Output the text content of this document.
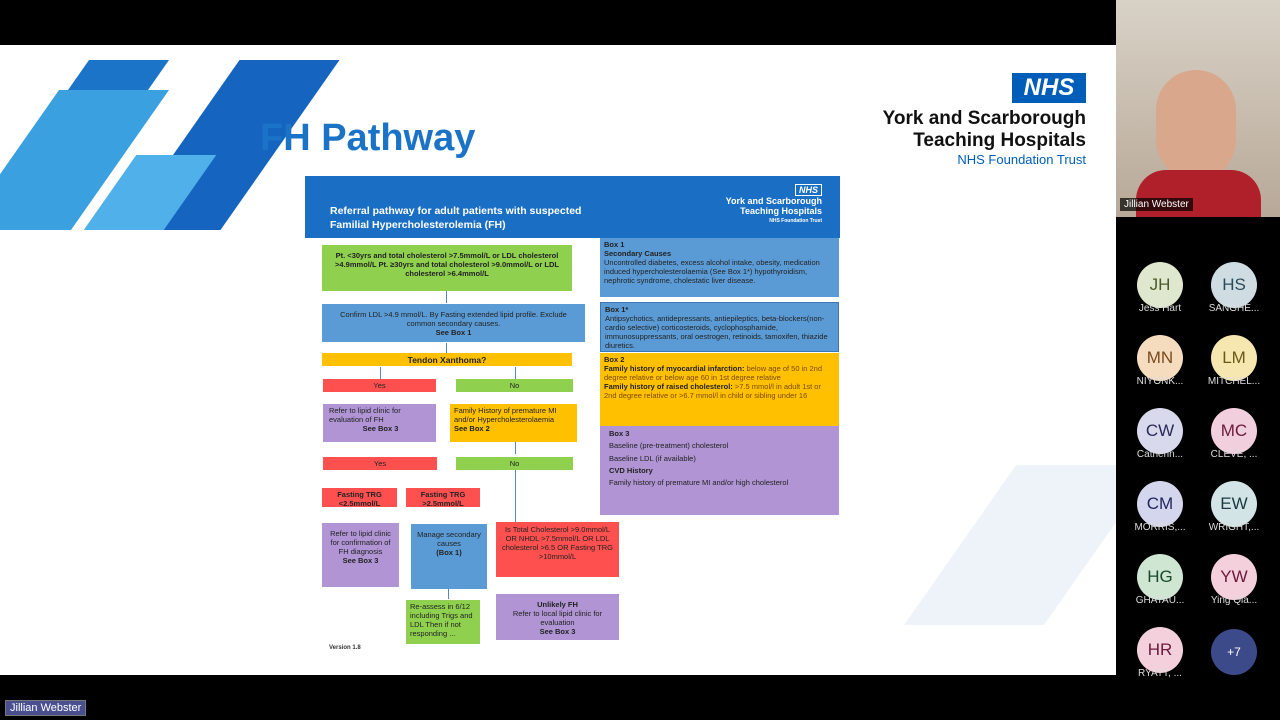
FH Pathway
NHS
York and Scarborough
Teaching Hospitals
NHS Foundation Trust
Referral pathway for adult patients with suspected
Familial Hypercholesterolemia (FH)
NHS
York and Scarborough
Teaching Hospitals
NHS Foundation Trust
Pt. <30yrs and total cholesterol >7.5mmol/L or LDL cholesterol >4.9mmol/L Pt. ≥30yrs and total cholesterol >9.0mmol/L or LDL cholesterol >6.4mmol/L
Confirm LDL >4.9 mmol/L. By Fasting extended lipid profile. Exclude common secondary causes.
See Box 1
Tendon Xanthoma?
Yes	No
Refer to lipid clinic for evaluation of FH
See Box 3
Family History of premature MI and/or Hypercholesterolaemia
See Box 2
Yes	No
Fasting TRG <2.5mmol/L
Fasting TRG >2.5mmol/L
Refer to lipid clinic for confirmation of FH diagnosis
See Box 3
Manage secondary causes
(Box 1)
Is Total Cholesterol >9.0mmol/L OR NHDL >7.5mmol/L OR LDL cholesterol >6.5 OR Fasting TRG >10mmol/L
Re-assess in 6/12 including Trigs and LDL Then if not responding ...
Unlikely FH
Refer to local lipid clinic for evaluation
See Box 3
Version 1.8
Box 1
Secondary Causes
Uncontrolled diabetes, excess alcohol intake, obesity, medication induced hypercholesterolaemia (See Box 1*) hypothyroidism, nephrotic syndrome, cholestatic liver disease.
Box 1*
Antipsychotics, antidepressants, antiepileptics, beta-blockers(non-cardio selective) corticosteroids, cyclophosphamide, immunosuppressants, oral oestrogen, retinoids, tamoxifen, thiazide diuretics.
Box 2
Family history of myocardial infarction: below age of 50 in 2nd degree relative or below age 60 in 1st degree relative
Family history of raised cholesterol: >7.5 mmol/l in adult 1st or 2nd degree relative or >6.7 mmol/l in child or sibling under 16
Box 3
Baseline (pre-treatment) cholesterol
Baseline LDL (if available)
CVD History
Family history of premature MI and/or high cholesterol
Jillian Webster
JH
Jess Hart
HS
SANGHE...
MN
NIYONK...
LM
MITCHEL...
CW
Catherin...
MC
CLEVE, ...
CM
MORRIS,...
EW
WRIGHT,...
HG
GHATAU...
YW
Ying Qia...
HR
RYATT, ...
+7
Jillian Webster
